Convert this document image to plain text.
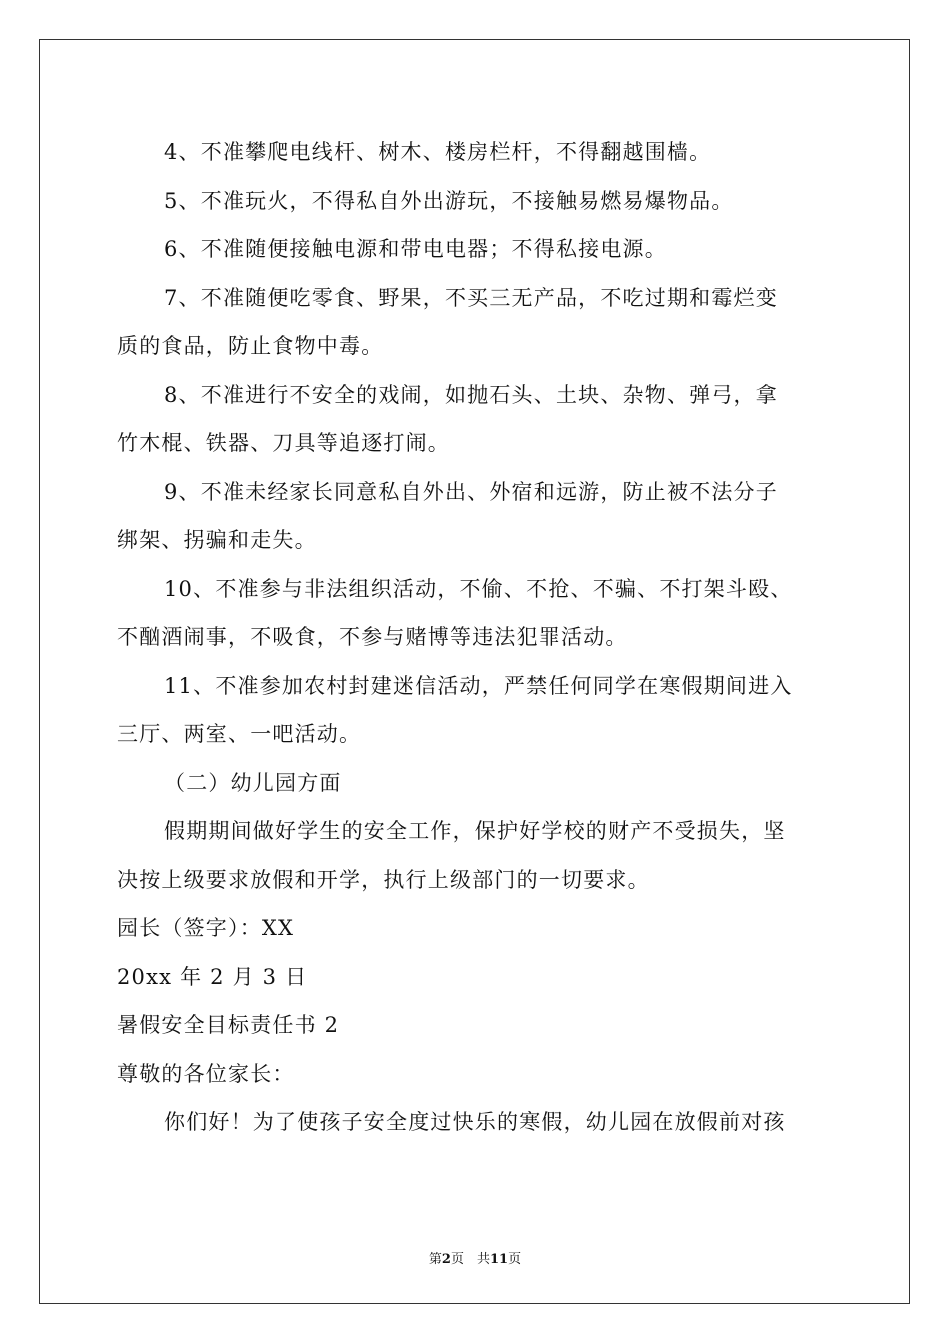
4、不准攀爬电线杆、树木、楼房栏杆，不得翻越围樯。
5、不准玩火，不得私自外出游玩，不接触易燃易爆物品。
6、不准随便接触电源和带电电器；不得私接电源。
7、不准随便吃零食、野果，不买三无产品，不吃过期和霉烂变
质的食品，防止食物中毒。
8、不准进行不安全的戏闹，如抛石头、土块、杂物、弹弓，拿
竹木棍、铁器、刀具等追逐打闹。
9、不准未经家长同意私自外出、外宿和远游，防止被不法分子
绑架、拐骗和走失。
10、不准参与非法组织活动，不偷、不抢、不骗、不打架斗殴、
不酗酒闹事，不吸食，不参与赌博等违法犯罪活动。
11、不准参加农村封建迷信活动，严禁任何同学在寒假期间进入
三厅、两室、一吧活动。
（二）幼儿园方面
假期期间做好学生的安全工作，保护好学校的财产不受损失，坚
决按上级要求放假和开学，执行上级部门的一切要求。
园长（签字）：XX
20xx 年 2 月 3 日
暑假安全目标责任书 2
尊敬的各位家长：
你们好！为了使孩子安全度过快乐的寒假，幼儿园在放假前对孩
第2页　共11页
